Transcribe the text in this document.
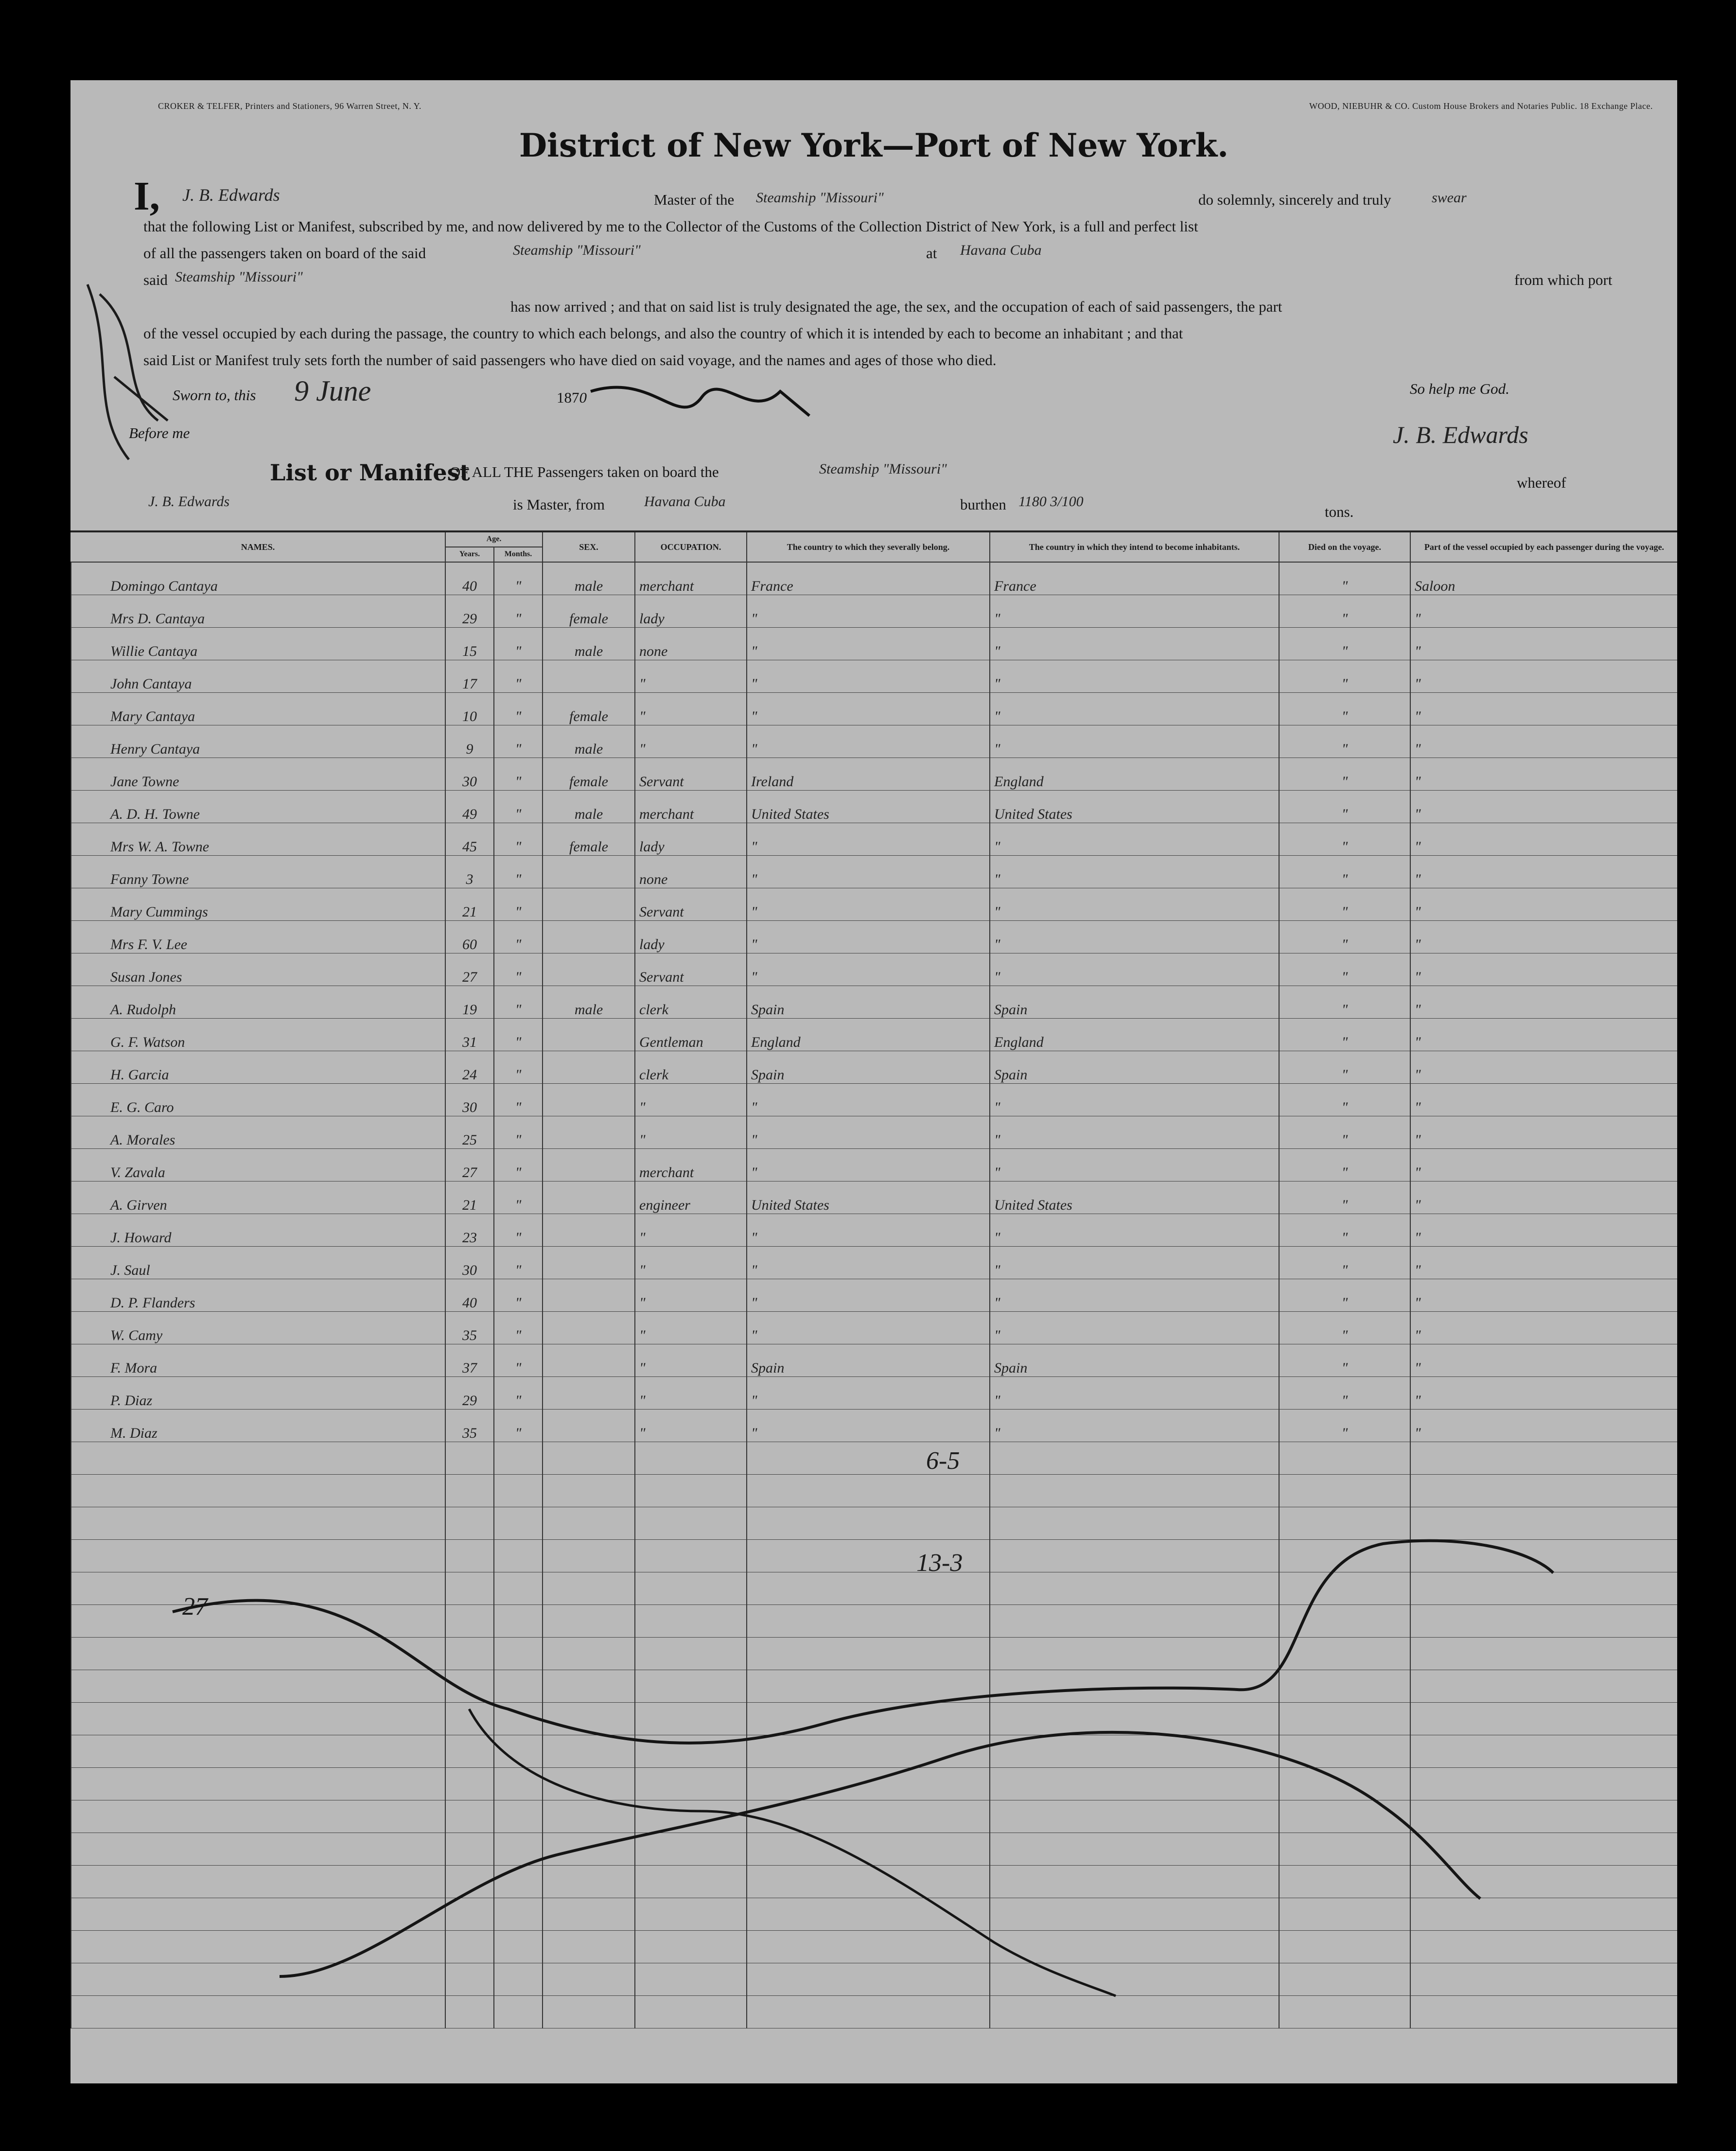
CROKER & TELFER, Printers and Stationers, 96 Warren Street, N. Y.	WOOD, NIEBUHR & CO. Custom House Brokers and Notaries Public. 18 Exchange Place.
District of New York—Port of New York.
I, J. B. Edwards	Master of the Steamship "Missouri"	do solemnly, sincerely and truly	swear
that the following List or Manifest, subscribed by me, and now delivered by me to the Collector of the Customs of the Collection District of New York, is a full and perfect list
of all the passengers taken on board of the said	Steamship "Missouri"	at Havana Cuba
said Steamship "Missouri"	from which port
has now arrived ; and that on said list is truly designated the age, the sex, and the occupation of each of said passengers, the part
of the vessel occupied by each during the passage, the country to which each belongs, and also the country of which it is intended by each to become an inhabitant ; and that
said List or Manifest truly sets forth the number of said passengers who have died on said voyage, and the names and ages of those who died.
Sworn to, this 9 June	1870
So help me God.
J. B. Edwards
Before me
List or Manifest
OF ALL THE Passengers taken on board the	Steamship "Missouri"
whereof
J. B. Edwards	is Master, from	Havana Cuba	burthen 1180 3/100
tons.
NAMES.	Age.		SEX.	OCCUPATION.	The country to which they severally belong.	The country in which they intend to become inhabitants.	Died on the voyage.	Part of the vessel occupied by each passenger during the voyage.
	Years.	Months.						
Domingo Cantaya	40	"	male	merchant	France	France	"	Saloon
Mrs D. Cantaya	29	"	female	lady	"	"	"	"
Willie Cantaya	15	"	male	none	"	"	"	"
John Cantaya	17	"		"	"	"	"	"
Mary Cantaya	10	"	female	"	"	"	"	"
Henry Cantaya	9	"	male	"	"	"	"	"
Jane Towne	30	"	female	Servant	Ireland	England	"	"
A. D. H. Towne	49	"	male	merchant	United States	United States	"	"
Mrs W. A. Towne	45	"	female	lady	"	"	"	"
Fanny Towne	3	"		none	"	"	"	"
Mary Cummings	21	"		Servant	"	"	"	"
Mrs F. V. Lee	60	"		lady	"	"	"	"
Susan Jones	27	"		Servant	"	"	"	"
A. Rudolph	19	"	male	clerk	Spain	Spain	"	"
G. F. Watson	31	"		Gentleman	England	England	"	"
H. Garcia	24	"		clerk	Spain	Spain	"	"
E. G. Caro	30	"		"	"	"	"	"
A. Morales	25	"		"	"	"	"	"
V. Zavala	27	"		merchant	"	"	"	"
A. Girven	21	"		engineer	United States	United States	"	"
J. Howard	23	"		"	"	"	"	"
J. Saul	30	"		"	"	"	"	"
D. P. Flanders	40	"		"	"	"	"	"
W. Camy	35	"		"	"	"	"	"
F. Mora	37	"		"	Spain	Spain	"	"
P. Diaz	29	"		"	"	"	"	"
M. Diaz	35	"		"	"	"	"	"

27
6-5
13-3
